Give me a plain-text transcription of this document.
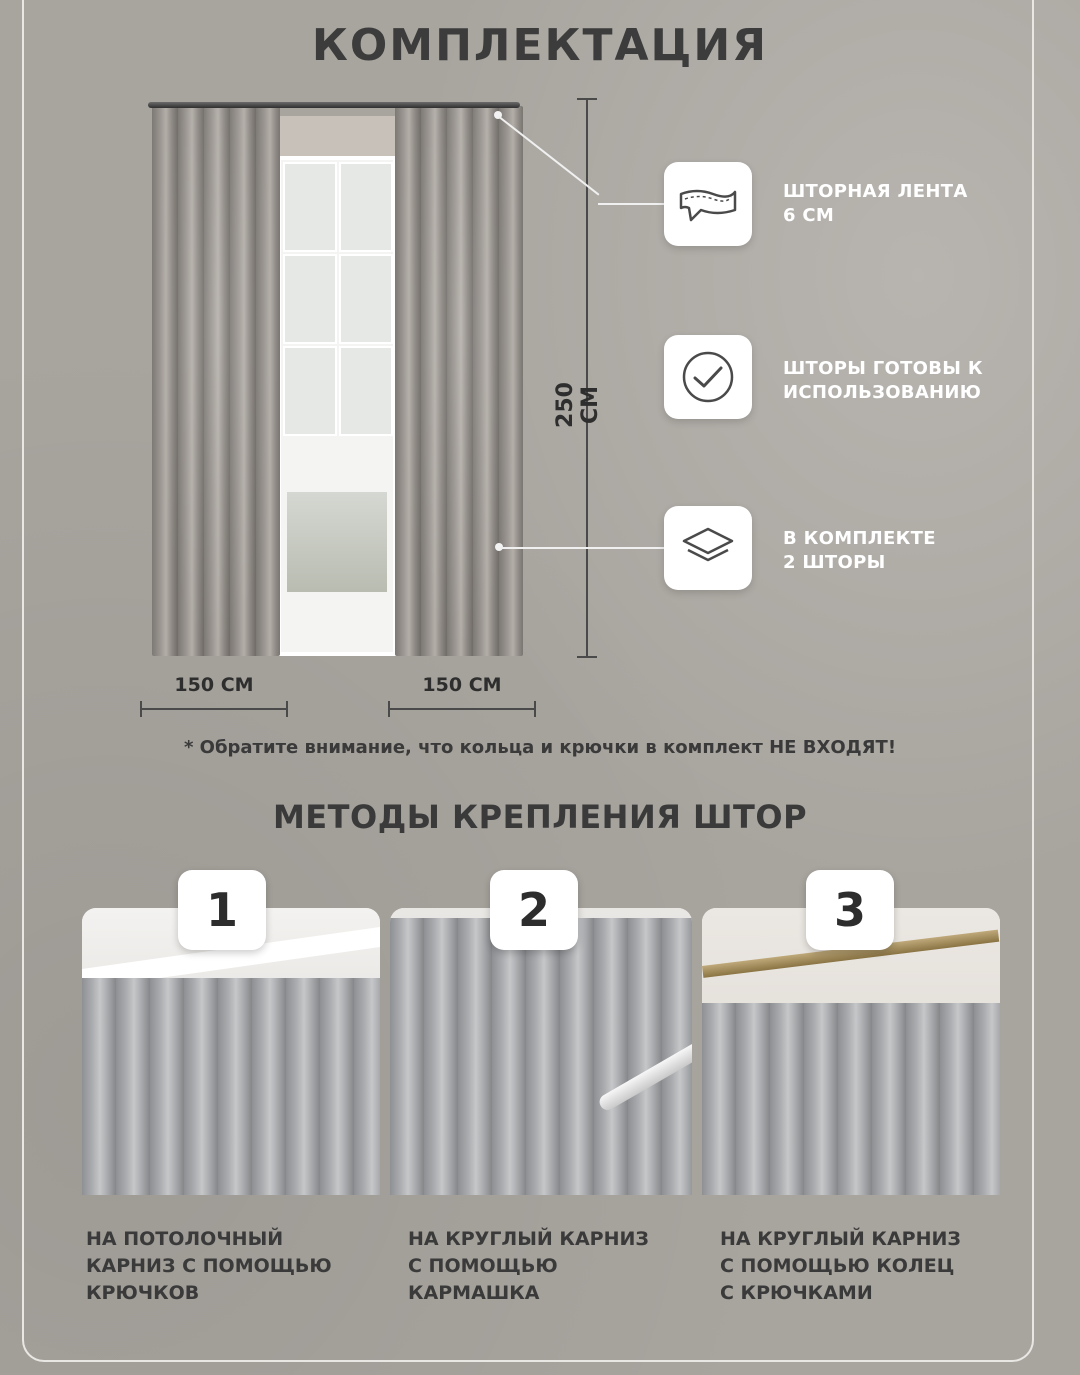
КОМПЛЕКТАЦИЯ
250 СМ
150 СМ	150 СМ
ШТОРНАЯ ЛЕНТА
6 СМ
ШТОРЫ ГОТОВЫ К
ИСПОЛЬЗОВАНИЮ
В КОМПЛЕКТЕ
2 ШТОРЫ
* Обратите внимание, что кольца и крючки в комплект НЕ ВХОДЯТ!
МЕТОДЫ КРЕПЛЕНИЯ ШТОР
1
НА ПОТОЛОЧНЫЙ
КАРНИЗ С ПОМОЩЬЮ
КРЮЧКОВ
2
НА КРУГЛЫЙ КАРНИЗ
С ПОМОЩЬЮ
КАРМАШКА
3
НА КРУГЛЫЙ КАРНИЗ
С ПОМОЩЬЮ КОЛЕЦ
С КРЮЧКАМИ
